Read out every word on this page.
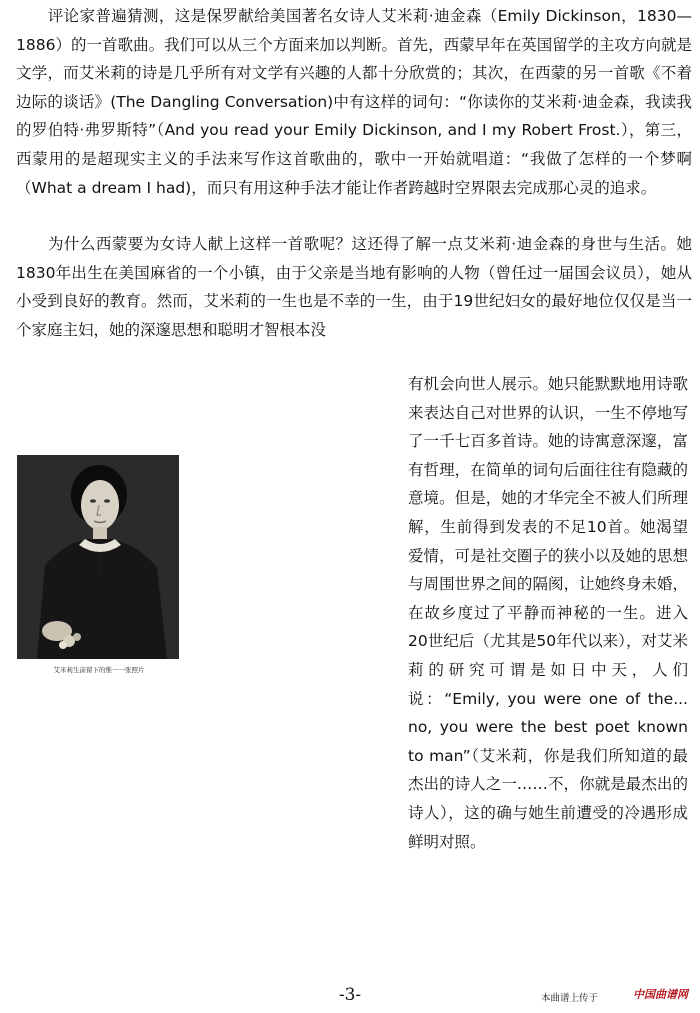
　　评论家普遍猜测，这是保罗献给美国著名女诗人艾米莉·迪金森（Emily Dickinson，1830—1886）的一首歌曲。我们可以从三个方面来加以判断。首先，西蒙早年在英国留学的主攻方向就是文学，而艾米莉的诗是几乎所有对文学有兴趣的人都十分欣赏的；其次，在西蒙的另一首歌《不着边际的谈话》(The Dangling Conversation)中有这样的词句：“你读你的艾米莉·迪金森，我读我的罗伯特·弗罗斯特”（And you read your Emily Dickinson, and I my Robert Frost.），第三，西蒙用的是超现实主义的手法来写作这首歌曲的，歌中一开始就唱道：“我做了怎样的一个梦啊（What a dream I had)，而只有用这种手法才能让作者跨越时空界限去完成那心灵的追求。

　　为什么西蒙要为女诗人献上这样一首歌呢？这还得了解一点艾米莉·迪金森的身世与生活。她1830年出生在美国麻省的一个小镇，由于父亲是当地有影响的人物（曾任过一届国会议员），她从小受到良好的教育。然而，艾米莉的一生也是不幸的一生，由于19世纪妇女的最好地位仅仅是当一个家庭主妇，她的深邃思想和聪明才智根本没

艾米莉生前留下的惟一一张照片

有机会向世人展示。她只能默默地用诗歌来表达自己对世界的认识，一生不停地写了一千七百多首诗。她的诗寓意深邃，富有哲理，在简单的词句后面往往有隐藏的意境。但是，她的才华完全不被人们所理解，生前得到发表的不足10首。她渴望爱情，可是社交圈子的狭小以及她的思想与周围世界之间的隔阂，让她终身未婚，在故乡度过了平静而神秘的一生。进入20世纪后（尤其是50年代以来），对艾米莉的研究可谓是如日中天，人们说：“Emily, you were one of the... no, you were the best poet known to man”（艾米莉，你是我们所知道的最杰出的诗人之一……不，你就是最杰出的诗人），这的确与她生前遭受的冷遇形成鲜明对照。

-3-	本曲谱上传于	中国曲谱网
